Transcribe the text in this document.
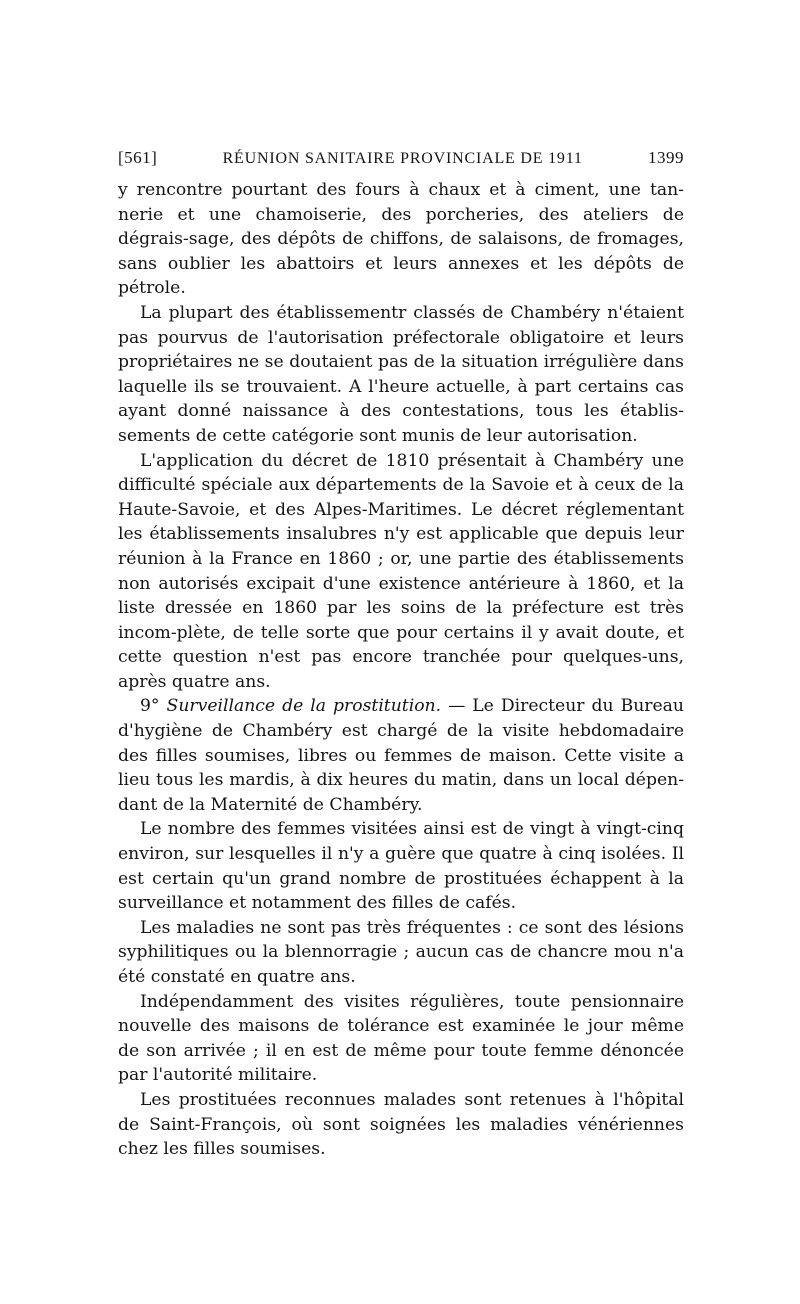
[561]	RÉUNION SANITAIRE PROVINCIALE DE 1911	1399

y rencontre pourtant des fours à chaux et à ciment, une tan-nerie et une chamoiserie, des porcheries, des ateliers de dégrais-sage, des dépôts de chiffons, de salaisons, de fromages, sans oublier les abattoirs et leurs annexes et les dépôts de pétrole.

La plupart des établissementr classés de Chambéry n'étaient pas pourvus de l'autorisation préfectorale obligatoire et leurs propriétaires ne se doutaient pas de la situation irrégulière dans laquelle ils se trouvaient. A l'heure actuelle, à part certains cas ayant donné naissance à des contestations, tous les établis-sements de cette catégorie sont munis de leur autorisation.

L'application du décret de 1810 présentait à Chambéry une difficulté spéciale aux départements de la Savoie et à ceux de la Haute-Savoie, et des Alpes-Maritimes. Le décret réglementant les établissements insalubres n'y est applicable que depuis leur réunion à la France en 1860 ; or, une partie des établissements non autorisés excipait d'une existence antérieure à 1860, et la liste dressée en 1860 par les soins de la préfecture est très incom-plète, de telle sorte que pour certains il y avait doute, et cette question n'est pas encore tranchée pour quelques-uns, après quatre ans.

9° Surveillance de la prostitution. — Le Directeur du Bureau d'hygiène de Chambéry est chargé de la visite hebdomadaire des filles soumises, libres ou femmes de maison. Cette visite a lieu tous les mardis, à dix heures du matin, dans un local dépen-dant de la Maternité de Chambéry.

Le nombre des femmes visitées ainsi est de vingt à vingt-cinq environ, sur lesquelles il n'y a guère que quatre à cinq isolées. Il est certain qu'un grand nombre de prostituées échappent à la surveillance et notamment des filles de cafés.

Les maladies ne sont pas très fréquentes : ce sont des lésions syphilitiques ou la blennorragie ; aucun cas de chancre mou n'a été constaté en quatre ans.

Indépendamment des visites régulières, toute pensionnaire nouvelle des maisons de tolérance est examinée le jour même de son arrivée ; il en est de même pour toute femme dénoncée par l'autorité militaire.

Les prostituées reconnues malades sont retenues à l'hôpital de Saint-François, où sont soignées les maladies vénériennes chez les filles soumises.
